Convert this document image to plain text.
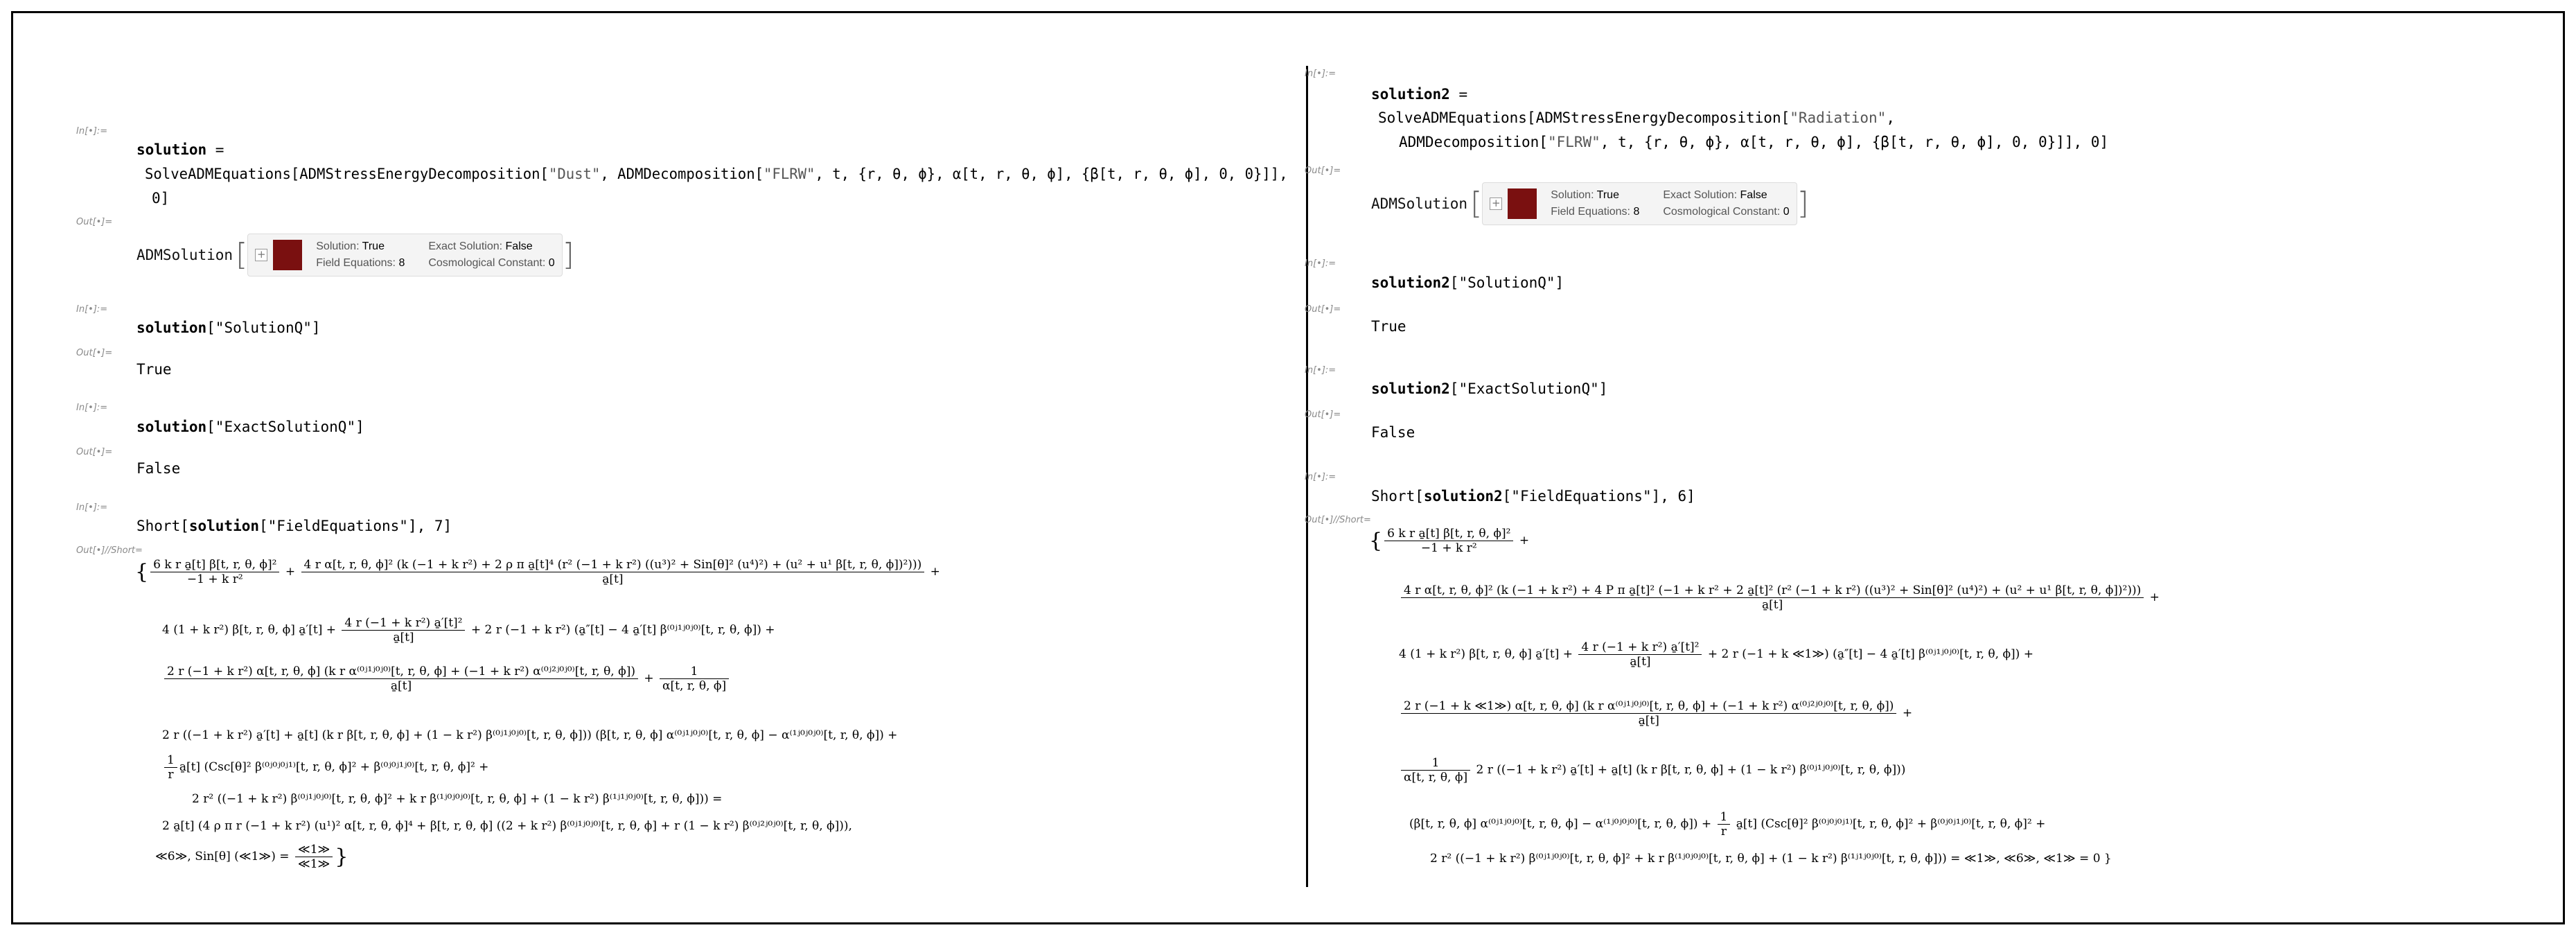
In[•]:=
solution =
SolveADMEquations[ADMStressEnergyDecomposition["Dust", ADMDecomposition["FLRW", t, {r, θ, ϕ}, α[t, r, θ, ϕ], {β[t, r, θ, ϕ], 0, 0}]],
0]
Out[•]=
ADMSolution [ +
Solution: True
Field Equations: 8
Exact Solution: False
Cosmological Constant: 0 ]
In[•]:=
solution["SolutionQ"]
Out[•]=
True
In[•]:=
solution["ExactSolutionQ"]
Out[•]=
False
In[•]:=
Short[solution["FieldEquations"], 7]
Out[•]//Short=
{ $\frac{\text{6 k r a̱[t] β[t, r, θ, ϕ]²}}{\text{−1 + k r²}} + 4$ r α[t, r, θ, ϕ]² (k (−1 + k r²) + 2 ρ π a̱[t]⁴ (r² (−1 + k r²) ((u³)² + Sin[θ]² (u⁴)²) + (u² + u¹ β[t, r, θ, ϕ])²)))
a̱[t]
+
4 (1 + k r²) β[t, r, θ, ϕ] a̱′[t] + $\frac{\text{4 r (−1 + k r²) a̱′[t]²}}{a̱[t]} + 2$ r (−1 + k r²) (a̱″[t] − 4 a̱′[t] β⁽⁰ʲ¹ʲ⁰ʲ⁰⁾[t, r, θ, ϕ]) +
2 r (−1 + k r²) α[t, r, θ, ϕ] (k r α⁽⁰ʲ¹ʲ⁰ʲ⁰⁾[t, r, θ, ϕ] + (−1 + k r²) α⁽⁰ʲ²ʲ⁰ʲ⁰⁾[t, r, θ, ϕ])
a̱[t]
+ $\frac{1}{\alpha[t, r, \theta, \phi]}$
2 r ((−1 + k r²) a̱′[t] + a̱[t] (k r β[t, r, θ, ϕ] + (1 − k r²) β⁽⁰ʲ¹ʲ⁰ʲ⁰⁾[t, r, θ, ϕ])) (β[t, r, θ, ϕ] α⁽⁰ʲ¹ʲ⁰ʲ⁰⁾[t, r, θ, ϕ] − α⁽¹ʲ⁰ʲ⁰ʲ⁰⁾[t, r, θ, ϕ]) +
$\frac{1}{r}$ a̱[t] (Csc[θ]² β⁽⁰ʲ⁰ʲ⁰ʲ¹⁾[t, r, θ, ϕ]² + β⁽⁰ʲ⁰ʲ¹ʲ⁰⁾[t, r, θ, ϕ]² +
2 r² ((−1 + k r²) β⁽⁰ʲ¹ʲ⁰ʲ⁰⁾[t, r, θ, ϕ]² + k r β⁽¹ʲ⁰ʲ⁰ʲ⁰⁾[t, r, θ, ϕ] + (1 − k r²) β⁽¹ʲ¹ʲ⁰ʲ⁰⁾[t, r, θ, ϕ])) =
2 a̱[t] (4 ρ π r (−1 + k r²) (u¹)² α[t, r, θ, ϕ]⁴ + β[t, r, θ, ϕ] ((2 + k r²) β⁽⁰ʲ¹ʲ⁰ʲ⁰⁾[t, r, θ, ϕ] + r (1 − k r²) β⁽⁰ʲ²ʲ⁰ʲ⁰⁾[t, r, θ, ϕ])),
≪6≫, Sin[θ] (≪1≫) = $\frac{≪1≫}{≪1≫}$ }
In[•]:=
solution2 =
SolveADMEquations[ADMStressEnergyDecomposition["Radiation",
ADMDecomposition["FLRW", t, {r, θ, ϕ}, α[t, r, θ, ϕ], {β[t, r, θ, ϕ], 0, 0}]], 0]
Out[•]=
ADMSolution [ +
Solution: True
Field Equations: 8
Exact Solution: False
Cosmological Constant: 0 ]
In[•]:=
solution2["SolutionQ"]
Out[•]=
True
In[•]:=
solution2["ExactSolutionQ"]
Out[•]=
False
In[•]:=
Short[solution2["FieldEquations"], 6]
Out[•]//Short=
{ $\frac{\text{6 k r a̱[t] β[t, r, θ, ϕ]²}}{\text{−1 + k r²}}$ +
4 r α[t, r, θ, ϕ]² (k (−1 + k r²) + 4 P π a̱[t]² (−1 + k r² + 2 a̱[t]² (r² (−1 + k r²) ((u³)² + Sin[θ]² (u⁴)²) + (u² + u¹ β[t, r, θ, ϕ])²)))
a̱[t]
+
4 (1 + k r²) β[t, r, θ, ϕ] a̱′[t] + $\frac{\text{4 r (−1 + k r²) a̱′[t]²}}{a̱[t]} + 2$ r (−1 + k ≪1≫) (a̱″[t] − 4 a̱′[t] β⁽⁰ʲ¹ʲ⁰ʲ⁰⁾[t, r, θ, ϕ]) +
2 r (−1 + k ≪1≫) α[t, r, θ, ϕ] (k r α⁽⁰ʲ¹ʲ⁰ʲ⁰⁾[t, r, θ, ϕ] + (−1 + k r²) α⁽⁰ʲ²ʲ⁰ʲ⁰⁾[t, r, θ, ϕ])
a̱[t]
+
$\frac{1}{\alpha[t, r, \theta, \phi]} 2$ r ((−1 + k r²) a̱′[t] + a̱[t] (k r β[t, r, θ, ϕ] + (1 − k r²) β⁽⁰ʲ¹ʲ⁰ʲ⁰⁾[t, r, θ, ϕ]))
(β[t, r, θ, ϕ] α⁽⁰ʲ¹ʲ⁰ʲ⁰⁾[t, r, θ, ϕ] − α⁽¹ʲ⁰ʲ⁰ʲ⁰⁾[t, r, θ, $\phi]) + \frac{1}{r}$ a̱[t] (Csc[θ]² β⁽⁰ʲ⁰ʲ⁰ʲ¹⁾[t, r, θ, ϕ]² + β⁽⁰ʲ⁰ʲ¹ʲ⁰⁾[t, r, θ, ϕ]² +
2 r² ((−1 + k r²) β⁽⁰ʲ¹ʲ⁰ʲ⁰⁾[t, r, θ, ϕ]² + k r β⁽¹ʲ⁰ʲ⁰ʲ⁰⁾[t, r, θ, ϕ] + (1 − k r²) β⁽¹ʲ¹ʲ⁰ʲ⁰⁾[t, r, θ, ϕ])) = ≪1≫, ≪6≫, ≪1≫ = 0 }
